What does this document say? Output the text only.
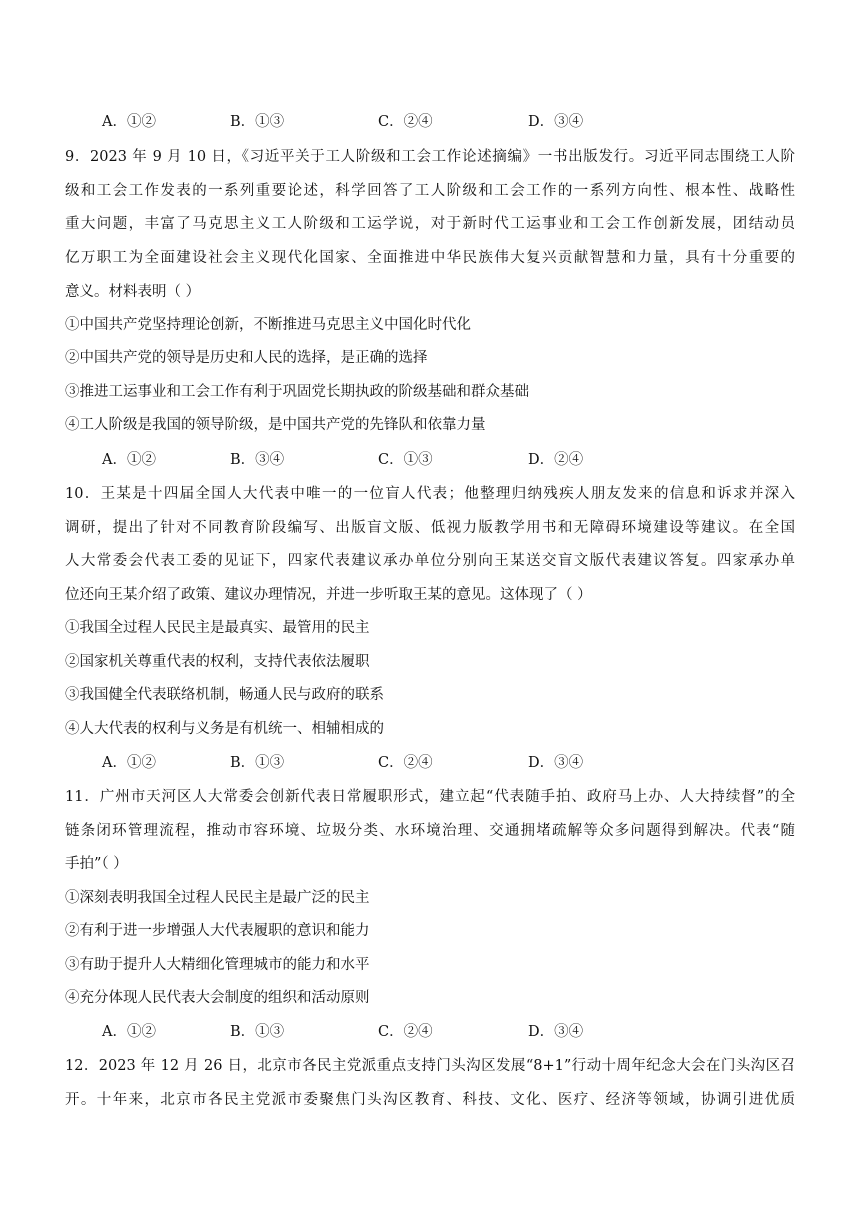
A．①②	B．①③	C．②④	D．③④
9．2023 年 9 月 10 日，《习近平关于工人阶级和工会工作论述摘编》一书出版发行。习近平同志围绕工人阶
级和工会工作发表的一系列重要论述，科学回答了工人阶级和工会工作的一系列方向性、根本性、战略性
重大问题，丰富了马克思主义工人阶级和工运学说，对于新时代工运事业和工会工作创新发展，团结动员
亿万职工为全面建设社会主义现代化国家、全面推进中华民族伟大复兴贡献智慧和力量，具有十分重要的
意义。材料表明（ ）
①中国共产党坚持理论创新，不断推进马克思主义中国化时代化
②中国共产党的领导是历史和人民的选择，是正确的选择
③推进工运事业和工会工作有利于巩固党长期执政的阶级基础和群众基础
④工人阶级是我国的领导阶级，是中国共产党的先锋队和依靠力量
A．①②	B．③④	C．①③	D．②④
10．王某是十四届全国人大代表中唯一的一位盲人代表；他整理归纳残疾人朋友发来的信息和诉求并深入
调研，提出了针对不同教育阶段编写、出版盲文版、低视力版教学用书和无障碍环境建设等建议。在全国
人大常委会代表工委的见证下，四家代表建议承办单位分别向王某送交盲文版代表建议答复。四家承办单
位还向王某介绍了政策、建议办理情况，并进一步听取王某的意见。这体现了（ ）
①我国全过程人民民主是最真实、最管用的民主
②国家机关尊重代表的权利，支持代表依法履职
③我国健全代表联络机制，畅通人民与政府的联系
④人大代表的权利与义务是有机统一、相辅相成的
A．①②	B．①③	C．②④	D．③④
11．广州市天河区人大常委会创新代表日常履职形式，建立起“代表随手拍、政府马上办、人大持续督”的全
链条闭环管理流程，推动市容环境、垃圾分类、水环境治理、交通拥堵疏解等众多问题得到解决。代表“随
手拍”（ ）
①深刻表明我国全过程人民民主是最广泛的民主
②有利于进一步增强人大代表履职的意识和能力
③有助于提升人大精细化管理城市的能力和水平
④充分体现人民代表大会制度的组织和活动原则
A．①②	B．①③	C．②④	D．③④
12．2023 年 12 月 26 日，北京市各民主党派重点支持门头沟区发展“8+1”行动十周年纪念大会在门头沟区召
开。十年来，北京市各民主党派市委聚焦门头沟区教育、科技、文化、医疗、经济等领域，协调引进优质
